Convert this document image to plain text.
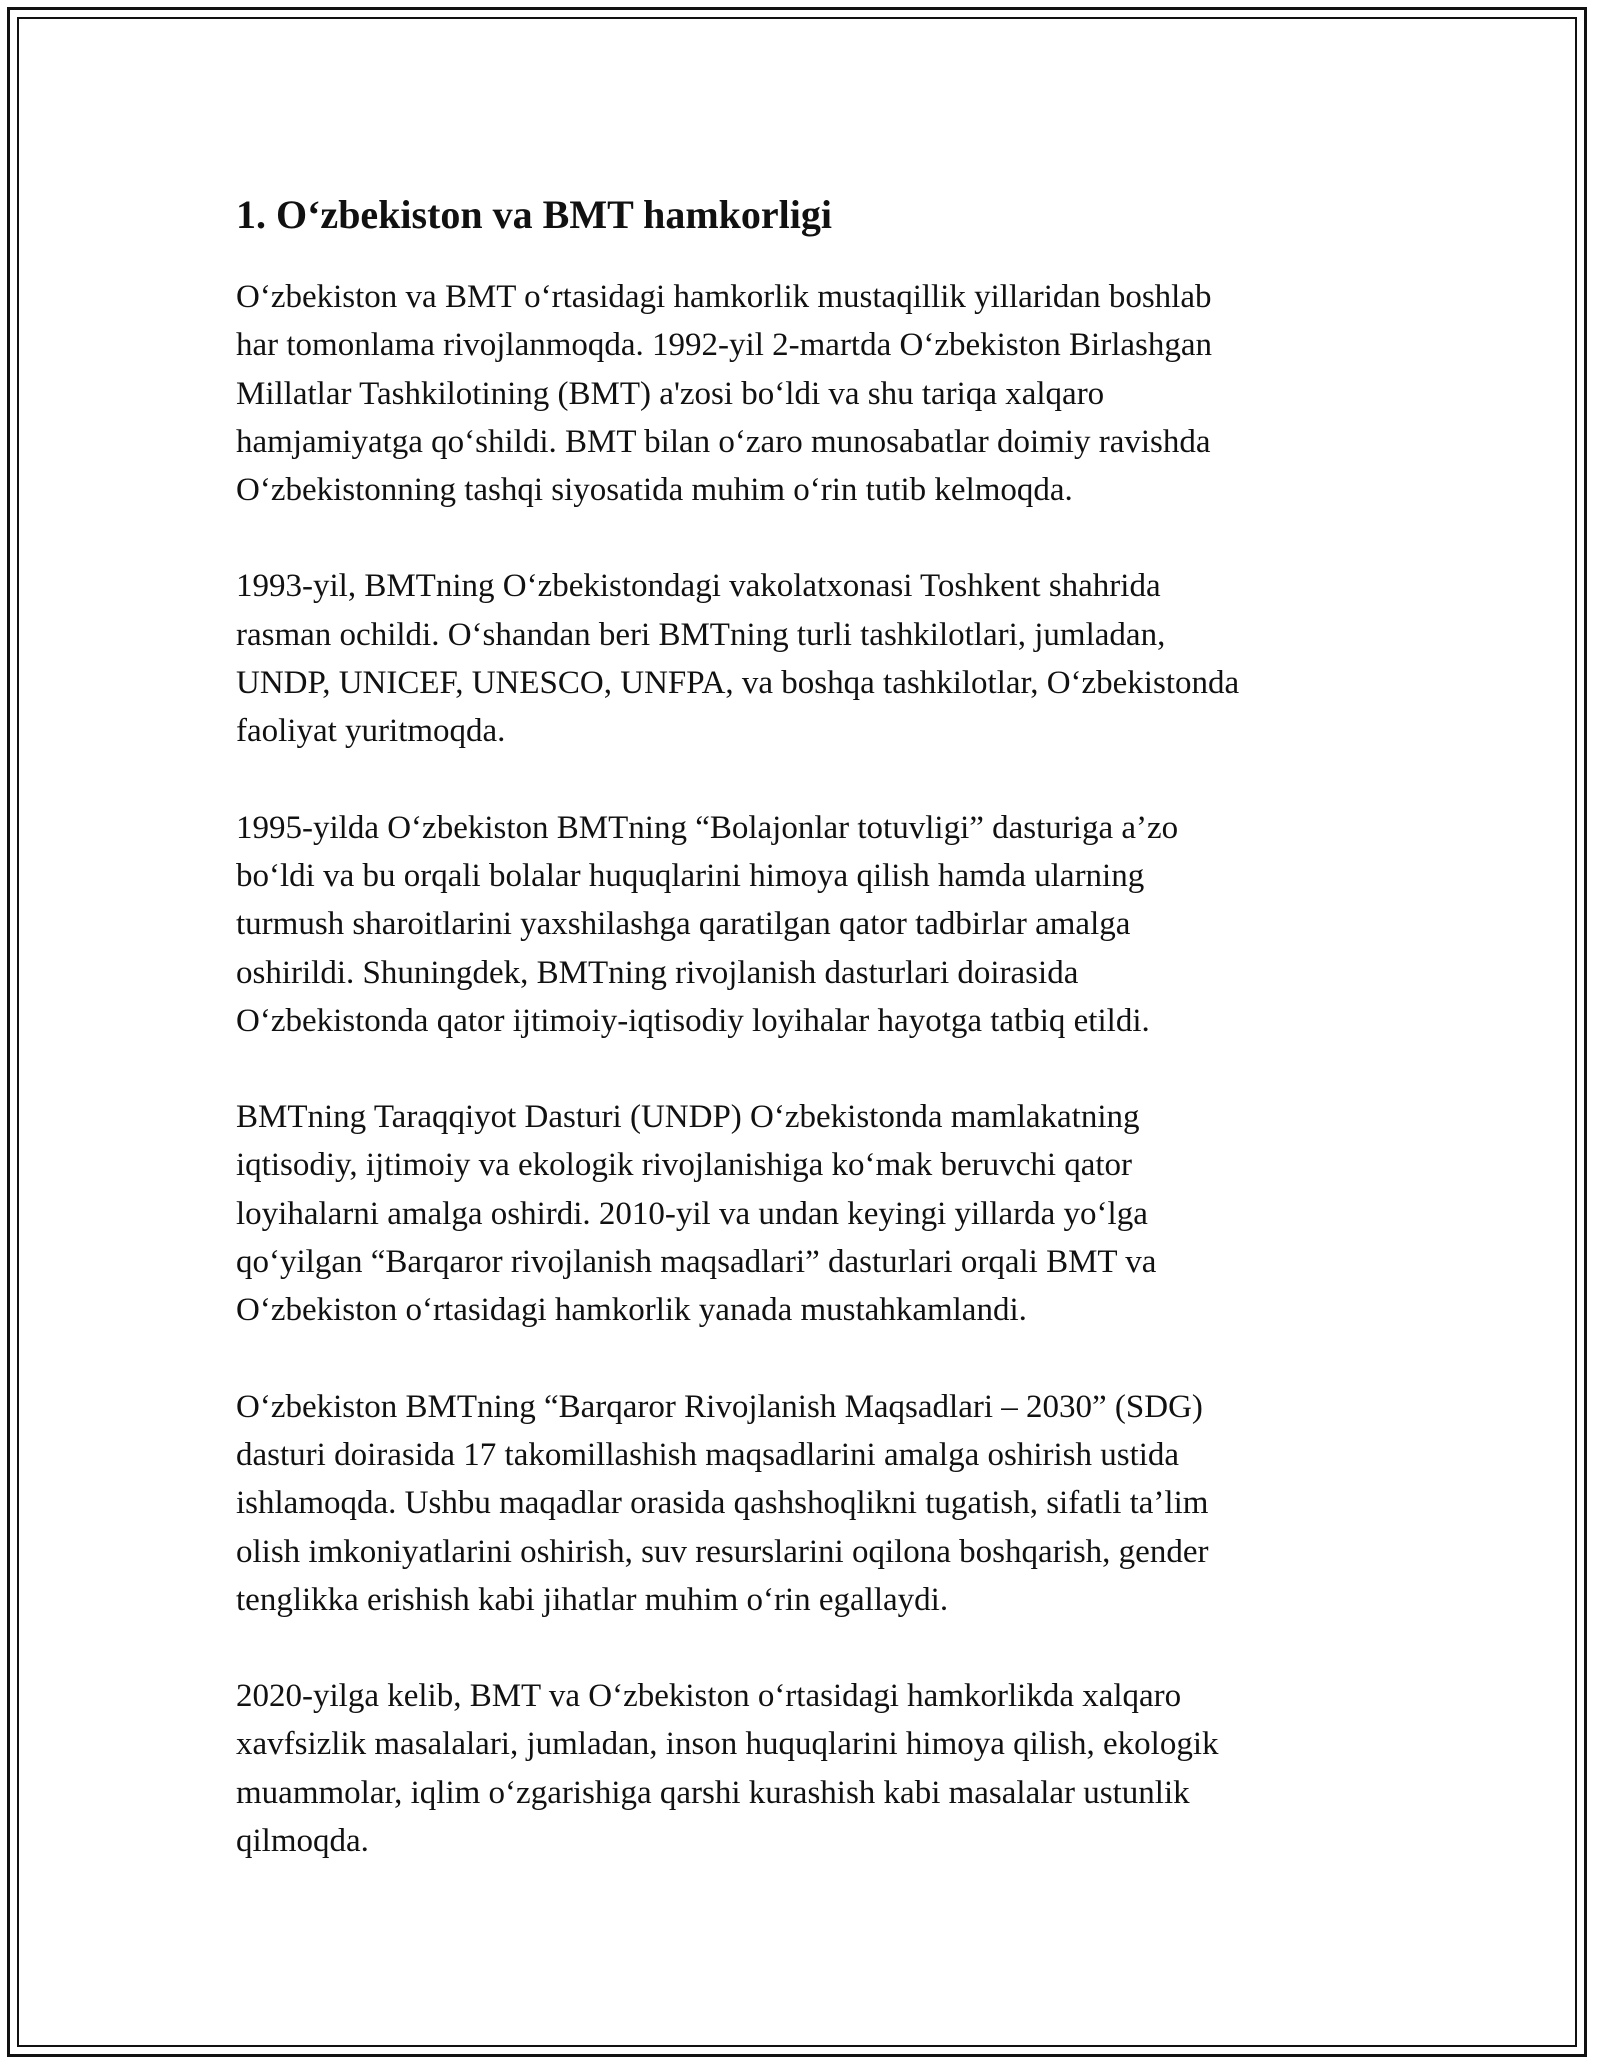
1. O‘zbekiston va BMT hamkorligi

O‘zbekiston va BMT o‘rtasidagi hamkorlik mustaqillik yillaridan boshlab
har tomonlama rivojlanmoqda. 1992-yil 2-martda O‘zbekiston Birlashgan
Millatlar Tashkilotining (BMT) a'zosi bo‘ldi va shu tariqa xalqaro
hamjamiyatga qo‘shildi. BMT bilan o‘zaro munosabatlar doimiy ravishda
O‘zbekistonning tashqi siyosatida muhim o‘rin tutib kelmoqda.

1993-yil, BMTning O‘zbekistondagi vakolatxonasi Toshkent shahrida
rasman ochildi. O‘shandan beri BMTning turli tashkilotlari, jumladan,
UNDP, UNICEF, UNESCO, UNFPA, va boshqa tashkilotlar, O‘zbekistonda
faoliyat yuritmoqda.

1995-yilda O‘zbekiston BMTning “Bolajonlar totuvligi” dasturiga a’zo
bo‘ldi va bu orqali bolalar huquqlarini himoya qilish hamda ularning
turmush sharoitlarini yaxshilashga qaratilgan qator tadbirlar amalga
oshirildi. Shuningdek, BMTning rivojlanish dasturlari doirasida
O‘zbekistonda qator ijtimoiy-iqtisodiy loyihalar hayotga tatbiq etildi.

BMTning Taraqqiyot Dasturi (UNDP) O‘zbekistonda mamlakatning
iqtisodiy, ijtimoiy va ekologik rivojlanishiga ko‘mak beruvchi qator
loyihalarni amalga oshirdi. 2010-yil va undan keyingi yillarda yo‘lga
qo‘yilgan “Barqaror rivojlanish maqsadlari” dasturlari orqali BMT va
O‘zbekiston o‘rtasidagi hamkorlik yanada mustahkamlandi.

O‘zbekiston BMTning “Barqaror Rivojlanish Maqsadlari – 2030” (SDG)
dasturi doirasida 17 takomillashish maqsadlarini amalga oshirish ustida
ishlamoqda. Ushbu maqadlar orasida qashshoqlikni tugatish, sifatli ta’lim
olish imkoniyatlarini oshirish, suv resurslarini oqilona boshqarish, gender
tenglikka erishish kabi jihatlar muhim o‘rin egallaydi.

2020-yilga kelib, BMT va O‘zbekiston o‘rtasidagi hamkorlikda xalqaro
xavfsizlik masalalari, jumladan, inson huquqlarini himoya qilish, ekologik
muammolar, iqlim o‘zgarishiga qarshi kurashish kabi masalalar ustunlik
qilmoqda.
